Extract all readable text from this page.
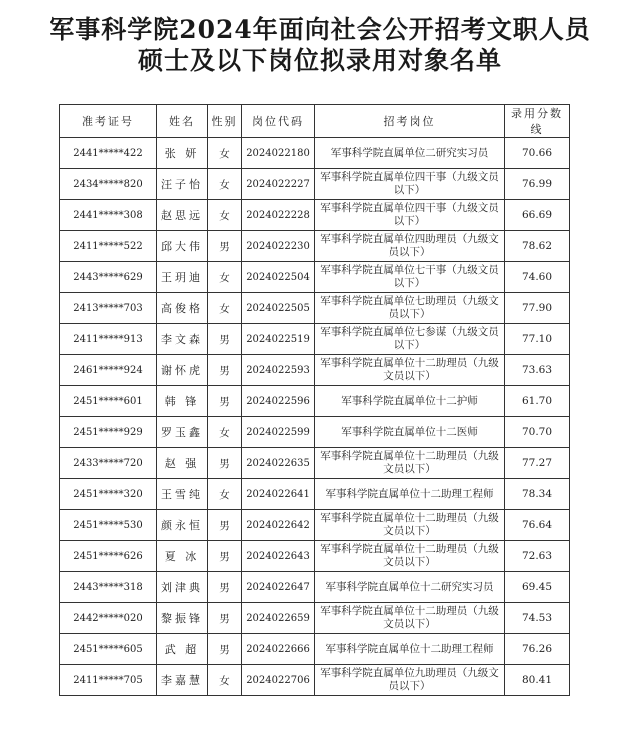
军事科学院2024年面向社会公开招考文职人员
硕士及以下岗位拟录用对象名单
准考证号	姓名	性别	岗位代码	招考岗位	录用分数线
2441*****422	张 妍	女	2024022180	军事科学院直属单位二研究实习员	70.66
2434*****820	汪子怡	女	2024022227	军事科学院直属单位四干事（九级文员以下）	76.99
2441*****308	赵思远	女	2024022228	军事科学院直属单位四干事（九级文员以下）	66.69
2411*****522	邱大伟	男	2024022230	军事科学院直属单位四助理员（九级文员以下）	78.62
2443*****629	王玥迪	女	2024022504	军事科学院直属单位七干事（九级文员以下）	74.60
2413*****703	高俊格	女	2024022505	军事科学院直属单位七助理员（九级文员以下）	77.90
2411*****913	李文森	男	2024022519	军事科学院直属单位七参谋（九级文员以下）	77.10
2461*****924	谢怀虎	男	2024022593	军事科学院直属单位十二助理员（九级文员以下）	73.63
2451*****601	韩 锋	男	2024022596	军事科学院直属单位十二护师	61.70
2451*****929	罗玉鑫	女	2024022599	军事科学院直属单位十二医师	70.70
2433*****720	赵 强	男	2024022635	军事科学院直属单位十二助理员（九级文员以下）	77.27
2451*****320	王雪纯	女	2024022641	军事科学院直属单位十二助理工程师	78.34
2451*****530	颜永恒	男	2024022642	军事科学院直属单位十二助理员（九级文员以下）	76.64
2451*****626	夏 冰	男	2024022643	军事科学院直属单位十二助理员（九级文员以下）	72.63
2443*****318	刘津典	男	2024022647	军事科学院直属单位十二研究实习员	69.45
2442*****020	黎振锋	男	2024022659	军事科学院直属单位十二助理员（九级文员以下）	74.53
2451*****605	武 超	男	2024022666	军事科学院直属单位十二助理工程师	76.26
2411*****705	李嘉慧	女	2024022706	军事科学院直属单位九助理员（九级文员以下）	80.41
